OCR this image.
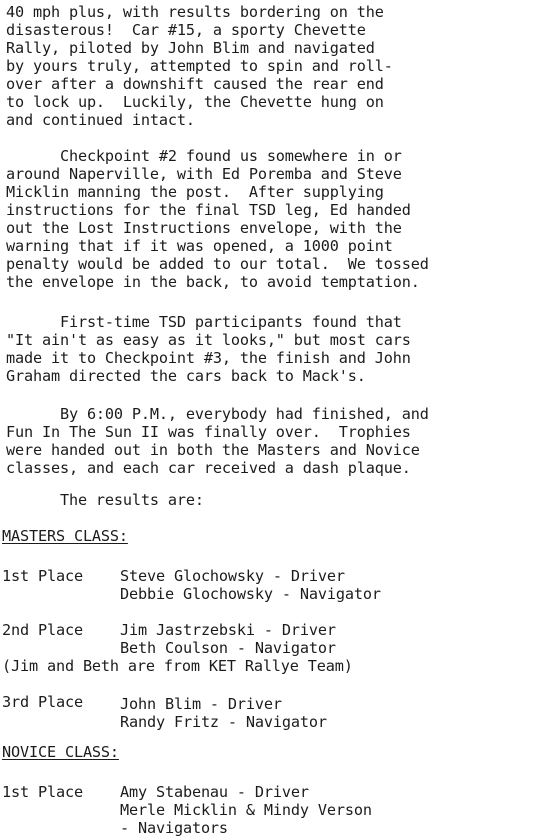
40 mph plus, with results bordering on the
disasterous!  Car #15, a sporty Chevette
Rally, piloted by John Blim and navigated
by yours truly, attempted to spin and roll-
over after a downshift caused the rear end
to lock up.  Luckily, the Chevette hung on
and continued intact.
Checkpoint #2 found us somewhere in or
around Naperville, with Ed Poremba and Steve
Micklin manning the post.  After supplying
instructions for the final TSD leg, Ed handed
out the Lost Instructions envelope, with the
warning that if it was opened, a 1000 point
penalty would be added to our total.  We tossed
the envelope in the back, to avoid temptation.
First-time TSD participants found that
"It ain't as easy as it looks," but most cars
made it to Checkpoint #3, the finish and John
Graham directed the cars back to Mack's.
By 6:00 P.M., everybody had finished, and
Fun In The Sun II was finally over.  Trophies
were handed out in both the Masters and Novice
classes, and each car received a dash plaque.
The results are:
MASTERS CLASS:
1st Place Steve Glochowsky - Driver
Debbie Glochowsky - Navigator
2nd Place Jim Jastrzebski - Driver
Beth Coulson - Navigator
(Jim and Beth are from KET Rallye Team)
3rd Place John Blim - Driver
Randy Fritz - Navigator
NOVICE CLASS:
1st Place Amy Stabenau - Driver
Merle Micklin & Mindy Verson
- Navigators
